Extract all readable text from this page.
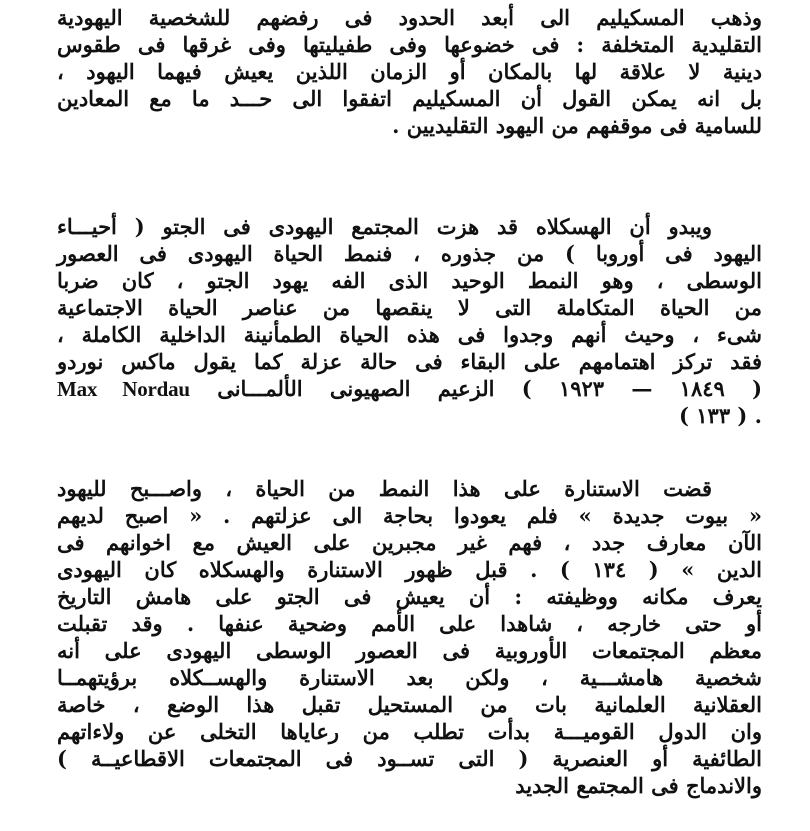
وذهب المسكيليم الى أبعد الحدود فى رفضهم للشخصية اليهودية
التقليدية المتخلفة : فى خضوعها وفى طفيليتها وفى غرقها فى طقوس
دينية لا علاقة لها بالمكان أو الزمان اللذين يعيش فيهما اليهود ،
بل انه يمكن القول أن المسكيليم اتفقوا الى حـــد ما مع المعادين
للسامية فى موقفهم من اليهود التقليديين .
ويبدو أن الهسكلاه قد هزت المجتمع اليهودى فى الجتو ( أحيـــاء
اليهود فى أوروبا ) من جذوره ، فنمط الحياة اليهودى فى العصور
الوسطى ، وهو النمط الوحيد الذى الفه يهود الجتو ، كان ضربا
من الحياة المتكاملة التى لا ينقصها من عناصر الحياة الاجتماعية
شىء ، وحيث أنهم وجدوا فى هذه الحياة الطمأنينة الداخلية الكاملة ،
فقد تركز اهتمامهم على البقاء فى حالة عزلة كما يقول ماكس نوردو
( ١٨٤٩ — ١٩٢٣ ) الزعيم الصهيونى الألمـــانى Max Nordau
. ( ١٣٣ )
قضت الاستنارة على هذا النمط من الحياة ، واصـــبح لليهود
« بيوت جديدة » فلم يعودوا بحاجة الى عزلتهم . « اصبح لديهم
الآن معارف جدد ، فهم غير مجبرين على العيش مع اخوانهم فى
الدين » ( ١٣٤ ) . قبل ظهور الاستنارة والهسكلاه كان اليهودى
يعرف مكانه ووظيفته : أن يعيش فى الجتو على هامش التاريخ
أو حتى خارجه ، شاهدا على الأمم وضحية عنفها . وقد تقبلت
معظم المجتمعات الأوروبية فى العصور الوسطى اليهودى على أنه
شخصية هامشـــية ، ولكن بعد الاستنارة والهســكلاه برؤيتهمــا
العقلانية العلمانية بات من المستحيل تقبل هذا الوضع ، خاصة
وان الدول القوميـــة بدأت تطلب من رعاياها التخلى عن ولاءاتهم
الطائفية أو العنصرية ( التى تســود فى المجتمعات الاقطاعيــة )
والاندماج فى المجتمع الجديد
